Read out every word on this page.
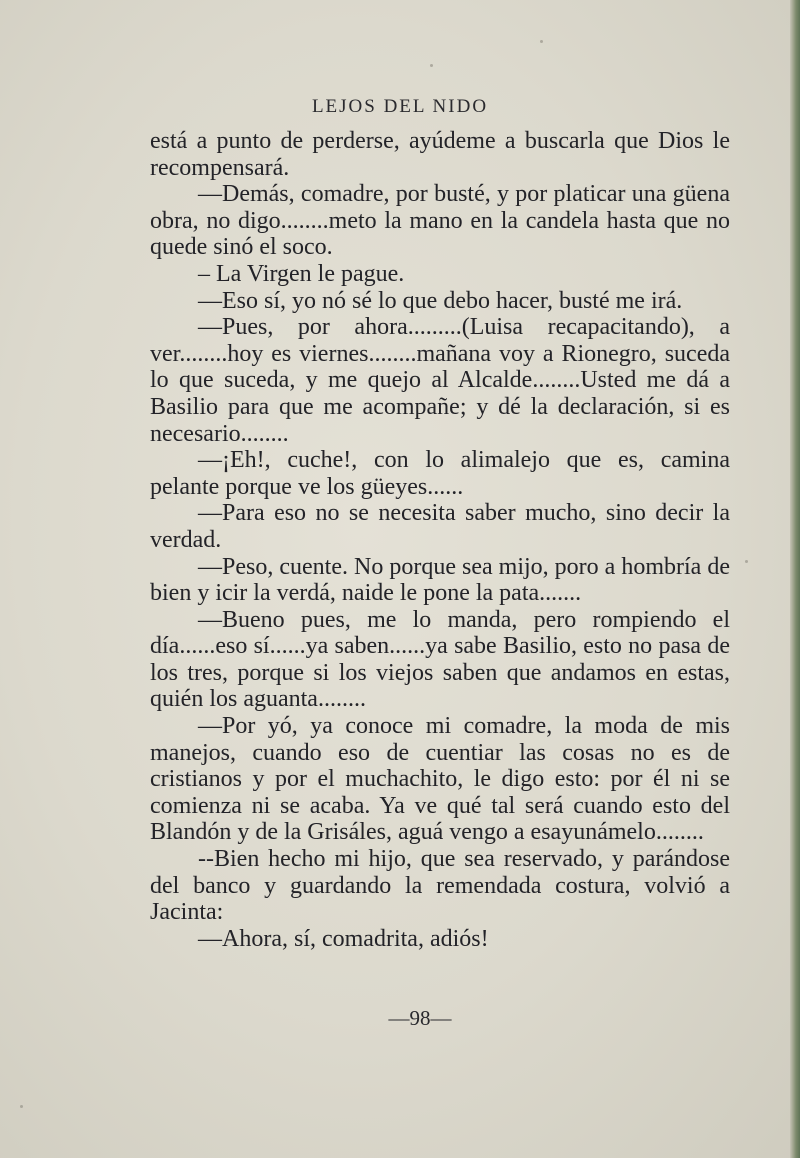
LEJOS DEL NIDO

está a punto de perderse, ayúdeme a buscarla que Dios le recompensará.

—Demás, comadre, por busté, y por platicar una güena obra, no digo........meto la mano en la candela hasta que no quede sinó el soco.

– La Virgen le pague.

—Eso sí, yo nó sé lo que debo hacer, busté me irá.

—Pues, por ahora.........(Luisa recapacitando), a ver........hoy es viernes........mañana voy a Rionegro, suceda lo que suceda, y me quejo al Alcalde........Usted me dá a Basilio para que me acompañe; y dé la declaración, si es necesario........

—¡Eh!, cuche!, con lo alimalejo que es, camina pelante porque ve los güeyes......

—Para eso no se necesita saber mucho, sino decir la verdad.

—Peso, cuente. No porque sea mijo, poro a hombría de bien y icir la verdá, naide le pone la pata.......

—Bueno pues, me lo manda, pero rompiendo el día......eso sí......ya saben......ya sabe Basilio, esto no pasa de los tres, porque si los viejos saben que andamos en estas, quién los aguanta........

—Por yó, ya conoce mi comadre, la moda de mis manejos, cuando eso de cuentiar las cosas no es de cristianos y por el muchachito, le digo esto: por él ni se comienza ni se acaba. Ya ve qué tal será cuando esto del Blandón y de la Grisáles, aguá vengo a esayunámelo........

--Bien hecho mi hijo, que sea reservado, y parándose del banco y guardando la remendada costura, volvió a Jacinta:

—Ahora, sí, comadrita, adiós!

—98—
